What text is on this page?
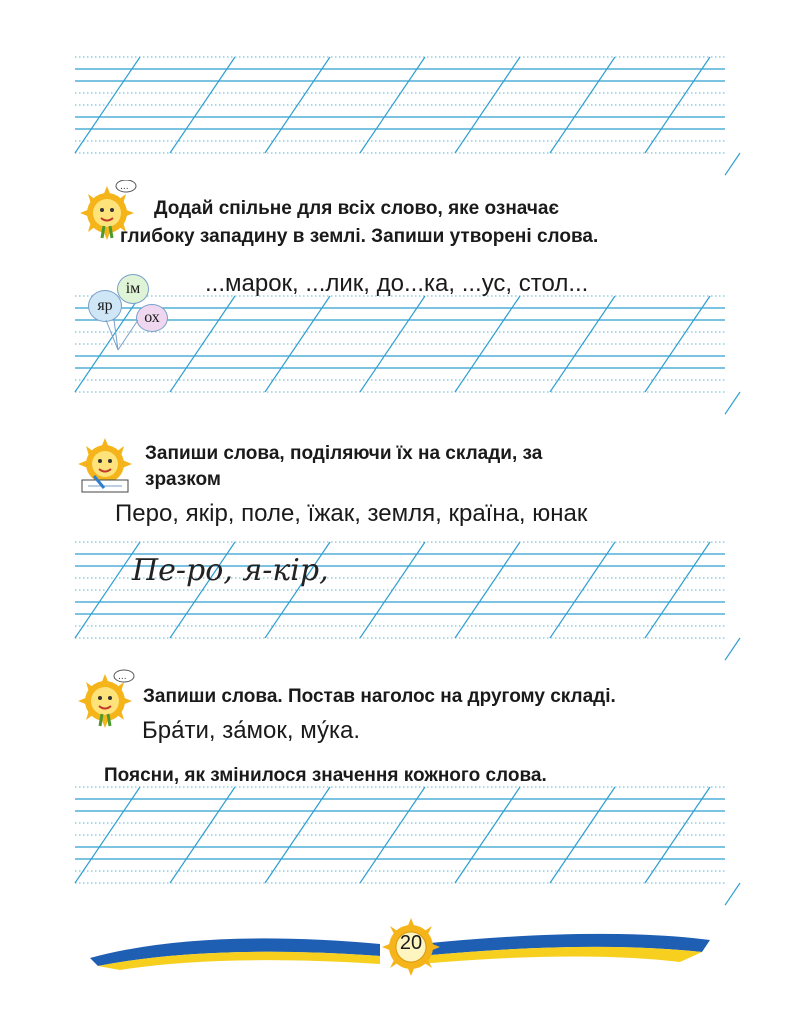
...
Додай спільне для всіх слово, яке означає
глибоку западину в землі. Запиши утворені слова.
ім
яр
ох
...марок, ...лик, до...ка, ...ус, стол...
Запиши слова, поділяючи їх на склади, за
зразком
Перо, якір, поле, їжак, земля, країна, юнак
Пе-ро, я-кір,
...
Запиши слова. Постав наголос на другому складі.
Брати, замок, мука.
Поясни, як змінилося значення кожного слова.
20
